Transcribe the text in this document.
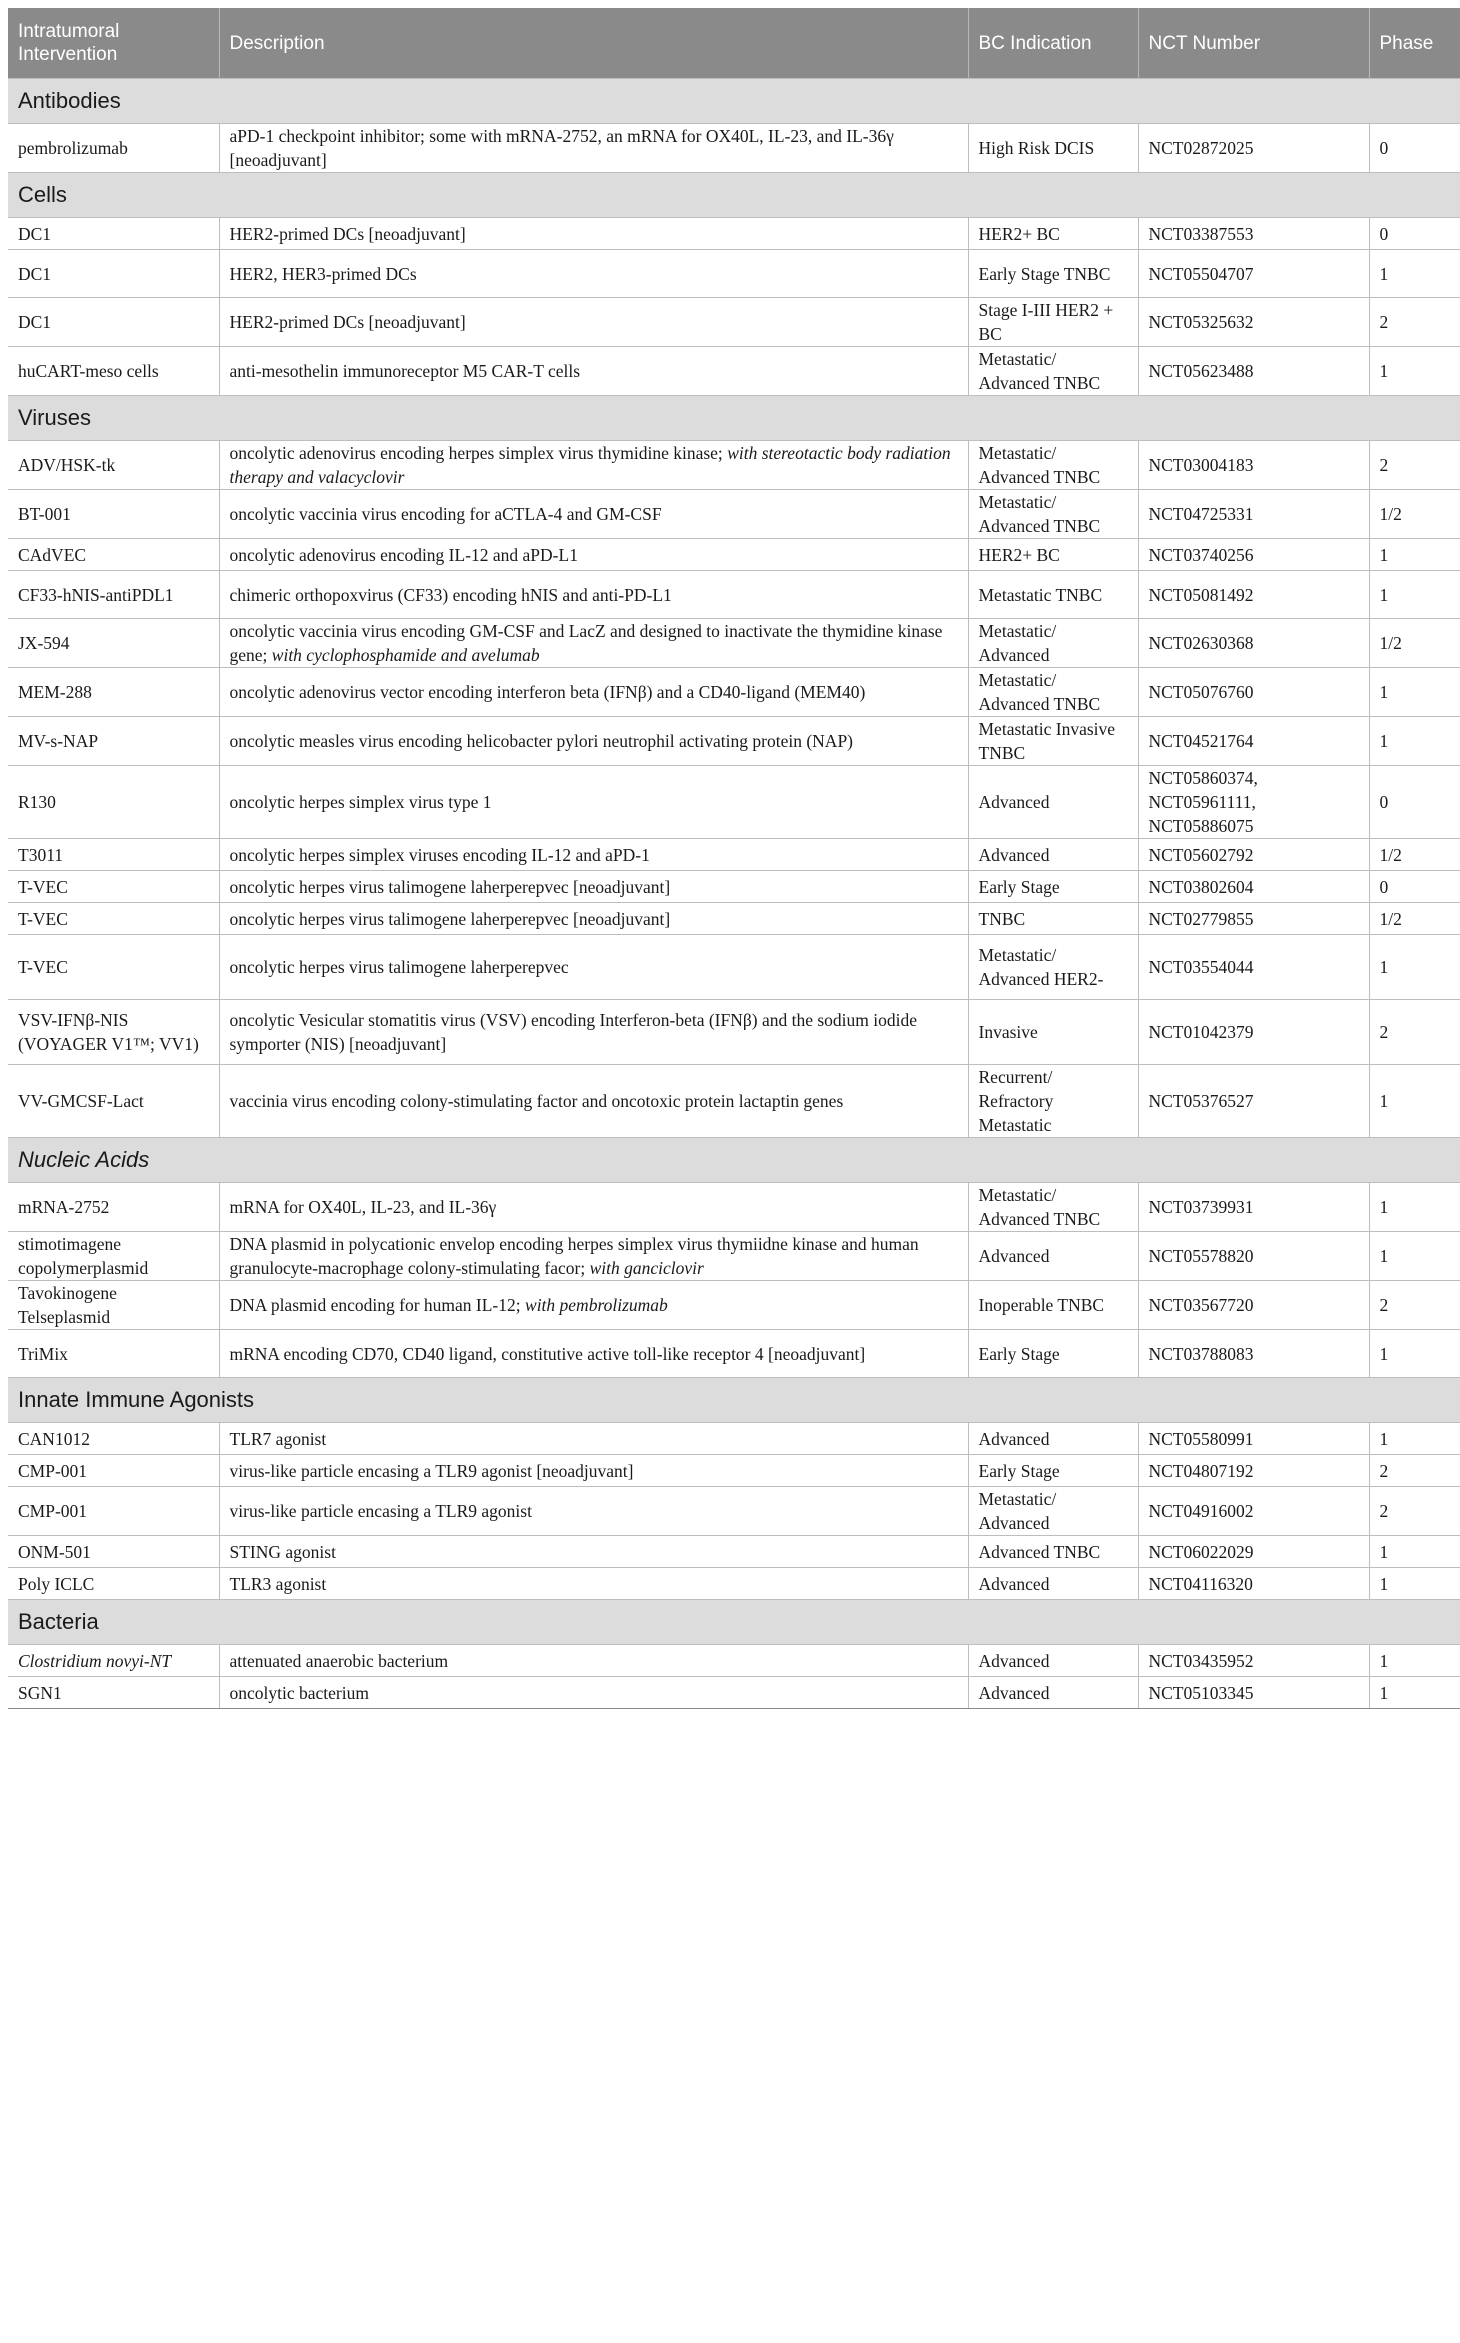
Intratumoral Intervention	Description	BC Indication	NCT Number	Phase
Antibodies				
pembrolizumab	aPD-1 checkpoint inhibitor; some with mRNA-2752, an mRNA for OX40L, IL-23, and IL-36γ [neoadjuvant]	High Risk DCIS	NCT02872025	0
Cells				
DC1	HER2-primed DCs [neoadjuvant]	HER2+ BC	NCT03387553	0
DC1	HER2, HER3-primed DCs	Early Stage TNBC	NCT05504707	1
DC1	HER2-primed DCs [neoadjuvant]	Stage I-III HER2 + BC	NCT05325632	2
huCART-meso cells	anti-mesothelin immunoreceptor M5 CAR-T cells	Metastatic/ Advanced TNBC	NCT05623488	1
Viruses				
ADV/HSK-tk	oncolytic adenovirus encoding herpes simplex virus thymidine kinase; with stereotactic body radiation therapy and valacyclovir	Metastatic/ Advanced TNBC	NCT03004183	2
BT-001	oncolytic vaccinia virus encoding for aCTLA-4 and GM-CSF	Metastatic/ Advanced TNBC	NCT04725331	1/2
CAdVEC	oncolytic adenovirus encoding IL-12 and aPD-L1	HER2+ BC	NCT03740256	1
CF33-hNIS-antiPDL1	chimeric orthopoxvirus (CF33) encoding hNIS and anti-PD-L1	Metastatic TNBC	NCT05081492	1
JX-594	oncolytic vaccinia virus encoding GM-CSF and LacZ and designed to inactivate the thymidine kinase gene; with cyclophosphamide and avelumab	Metastatic/ Advanced	NCT02630368	1/2
MEM-288	oncolytic adenovirus vector encoding interferon beta (IFNβ) and a CD40-ligand (MEM40)	Metastatic/ Advanced TNBC	NCT05076760	1
MV-s-NAP	oncolytic measles virus encoding helicobacter pylori neutrophil activating protein (NAP)	Metastatic Invasive TNBC	NCT04521764	1
R130	oncolytic herpes simplex virus type 1	Advanced	NCT05860374, NCT05961111, NCT05886075	0
T3011	oncolytic herpes simplex viruses encoding IL-12 and aPD-1	Advanced	NCT05602792	1/2
T-VEC	oncolytic herpes virus talimogene laherperepvec [neoadjuvant]	Early Stage	NCT03802604	0
T-VEC	oncolytic herpes virus talimogene laherperepvec [neoadjuvant]	TNBC	NCT02779855	1/2
T-VEC	oncolytic herpes virus talimogene laherperepvec	Metastatic/ Advanced HER2-	NCT03554044	1
VSV-IFNβ-NIS (VOYAGER V1™; VV1)	oncolytic Vesicular stomatitis virus (VSV) encoding Interferon-beta (IFNβ) and the sodium iodide symporter (NIS) [neoadjuvant]	Invasive	NCT01042379	2
VV-GMCSF-Lact	vaccinia virus encoding colony-stimulating factor and oncotoxic protein lactaptin genes	Recurrent/ Refractory Metastatic	NCT05376527	1
Nucleic Acids				
mRNA-2752	mRNA for OX40L, IL-23, and IL-36γ	Metastatic/ Advanced TNBC	NCT03739931	1
stimotimagene copolymerplasmid	DNA plasmid in polycationic envelop encoding herpes simplex virus thymiidne kinase and human granulocyte-macrophage colony-stimulating facor; with ganciclovir	Advanced	NCT05578820	1
Tavokinogene Telseplasmid	DNA plasmid encoding for human IL-12; with pembrolizumab	Inoperable TNBC	NCT03567720	2
TriMix	mRNA encoding CD70, CD40 ligand, constitutive active toll-like receptor 4 [neoadjuvant]	Early Stage	NCT03788083	1
Innate Immune Agonists				
CAN1012	TLR7 agonist	Advanced	NCT05580991	1
CMP-001	virus-like particle encasing a TLR9 agonist [neoadjuvant]	Early Stage	NCT04807192	2
CMP-001	virus-like particle encasing a TLR9 agonist	Metastatic/ Advanced	NCT04916002	2
ONM-501	STING agonist	Advanced TNBC	NCT06022029	1
Poly ICLC	TLR3 agonist	Advanced	NCT04116320	1
Bacteria				
Clostridium novyi-NT	attenuated anaerobic bacterium	Advanced	NCT03435952	1
SGN1	oncolytic bacterium	Advanced	NCT05103345	1
